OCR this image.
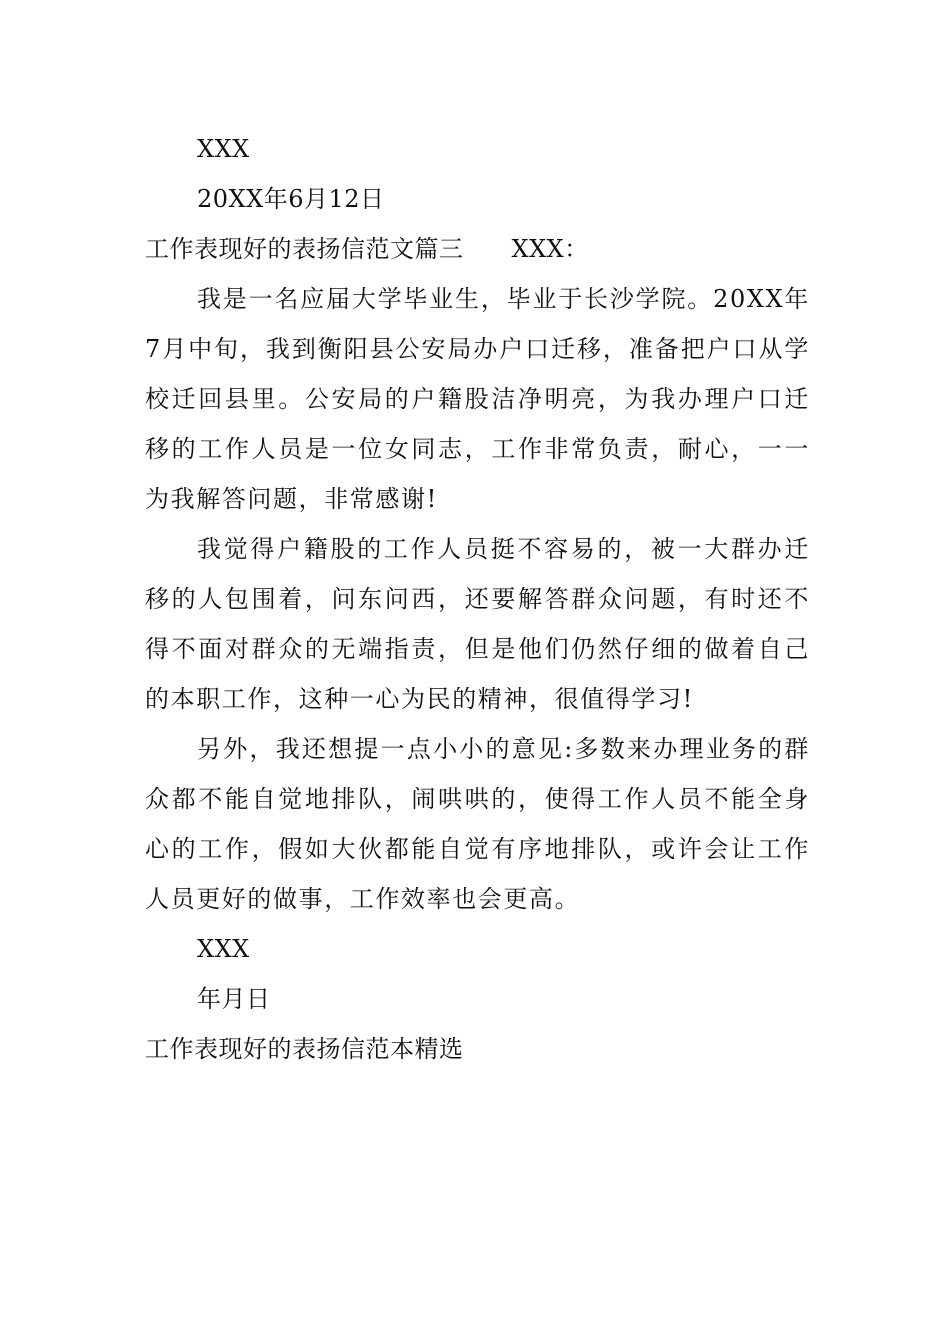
XXX
20XX年6月12日
工作表现好的表扬信范文篇三 XXX：

我是一名应届大学毕业生，毕业于长沙学院。20XX年7月中旬，我到衡阳县公安局办户口迁移，准备把户口从学校迁回县里。公安局的户籍股洁净明亮，为我办理户口迁移的工作人员是一位女同志，工作非常负责，耐心，一一为我解答问题，非常感谢!

我觉得户籍股的工作人员挺不容易的，被一大群办迁移的人包围着，问东问西，还要解答群众问题，有时还不得不面对群众的无端指责，但是他们仍然仔细的做着自己的本职工作，这种一心为民的精神，很值得学习!

另外，我还想提一点小小的意见:多数来办理业务的群众都不能自觉地排队，闹哄哄的，使得工作人员不能全身心的工作，假如大伙都能自觉有序地排队，或许会让工作人员更好的做事，工作效率也会更高。

XXX
年月日
工作表现好的表扬信范本精选
